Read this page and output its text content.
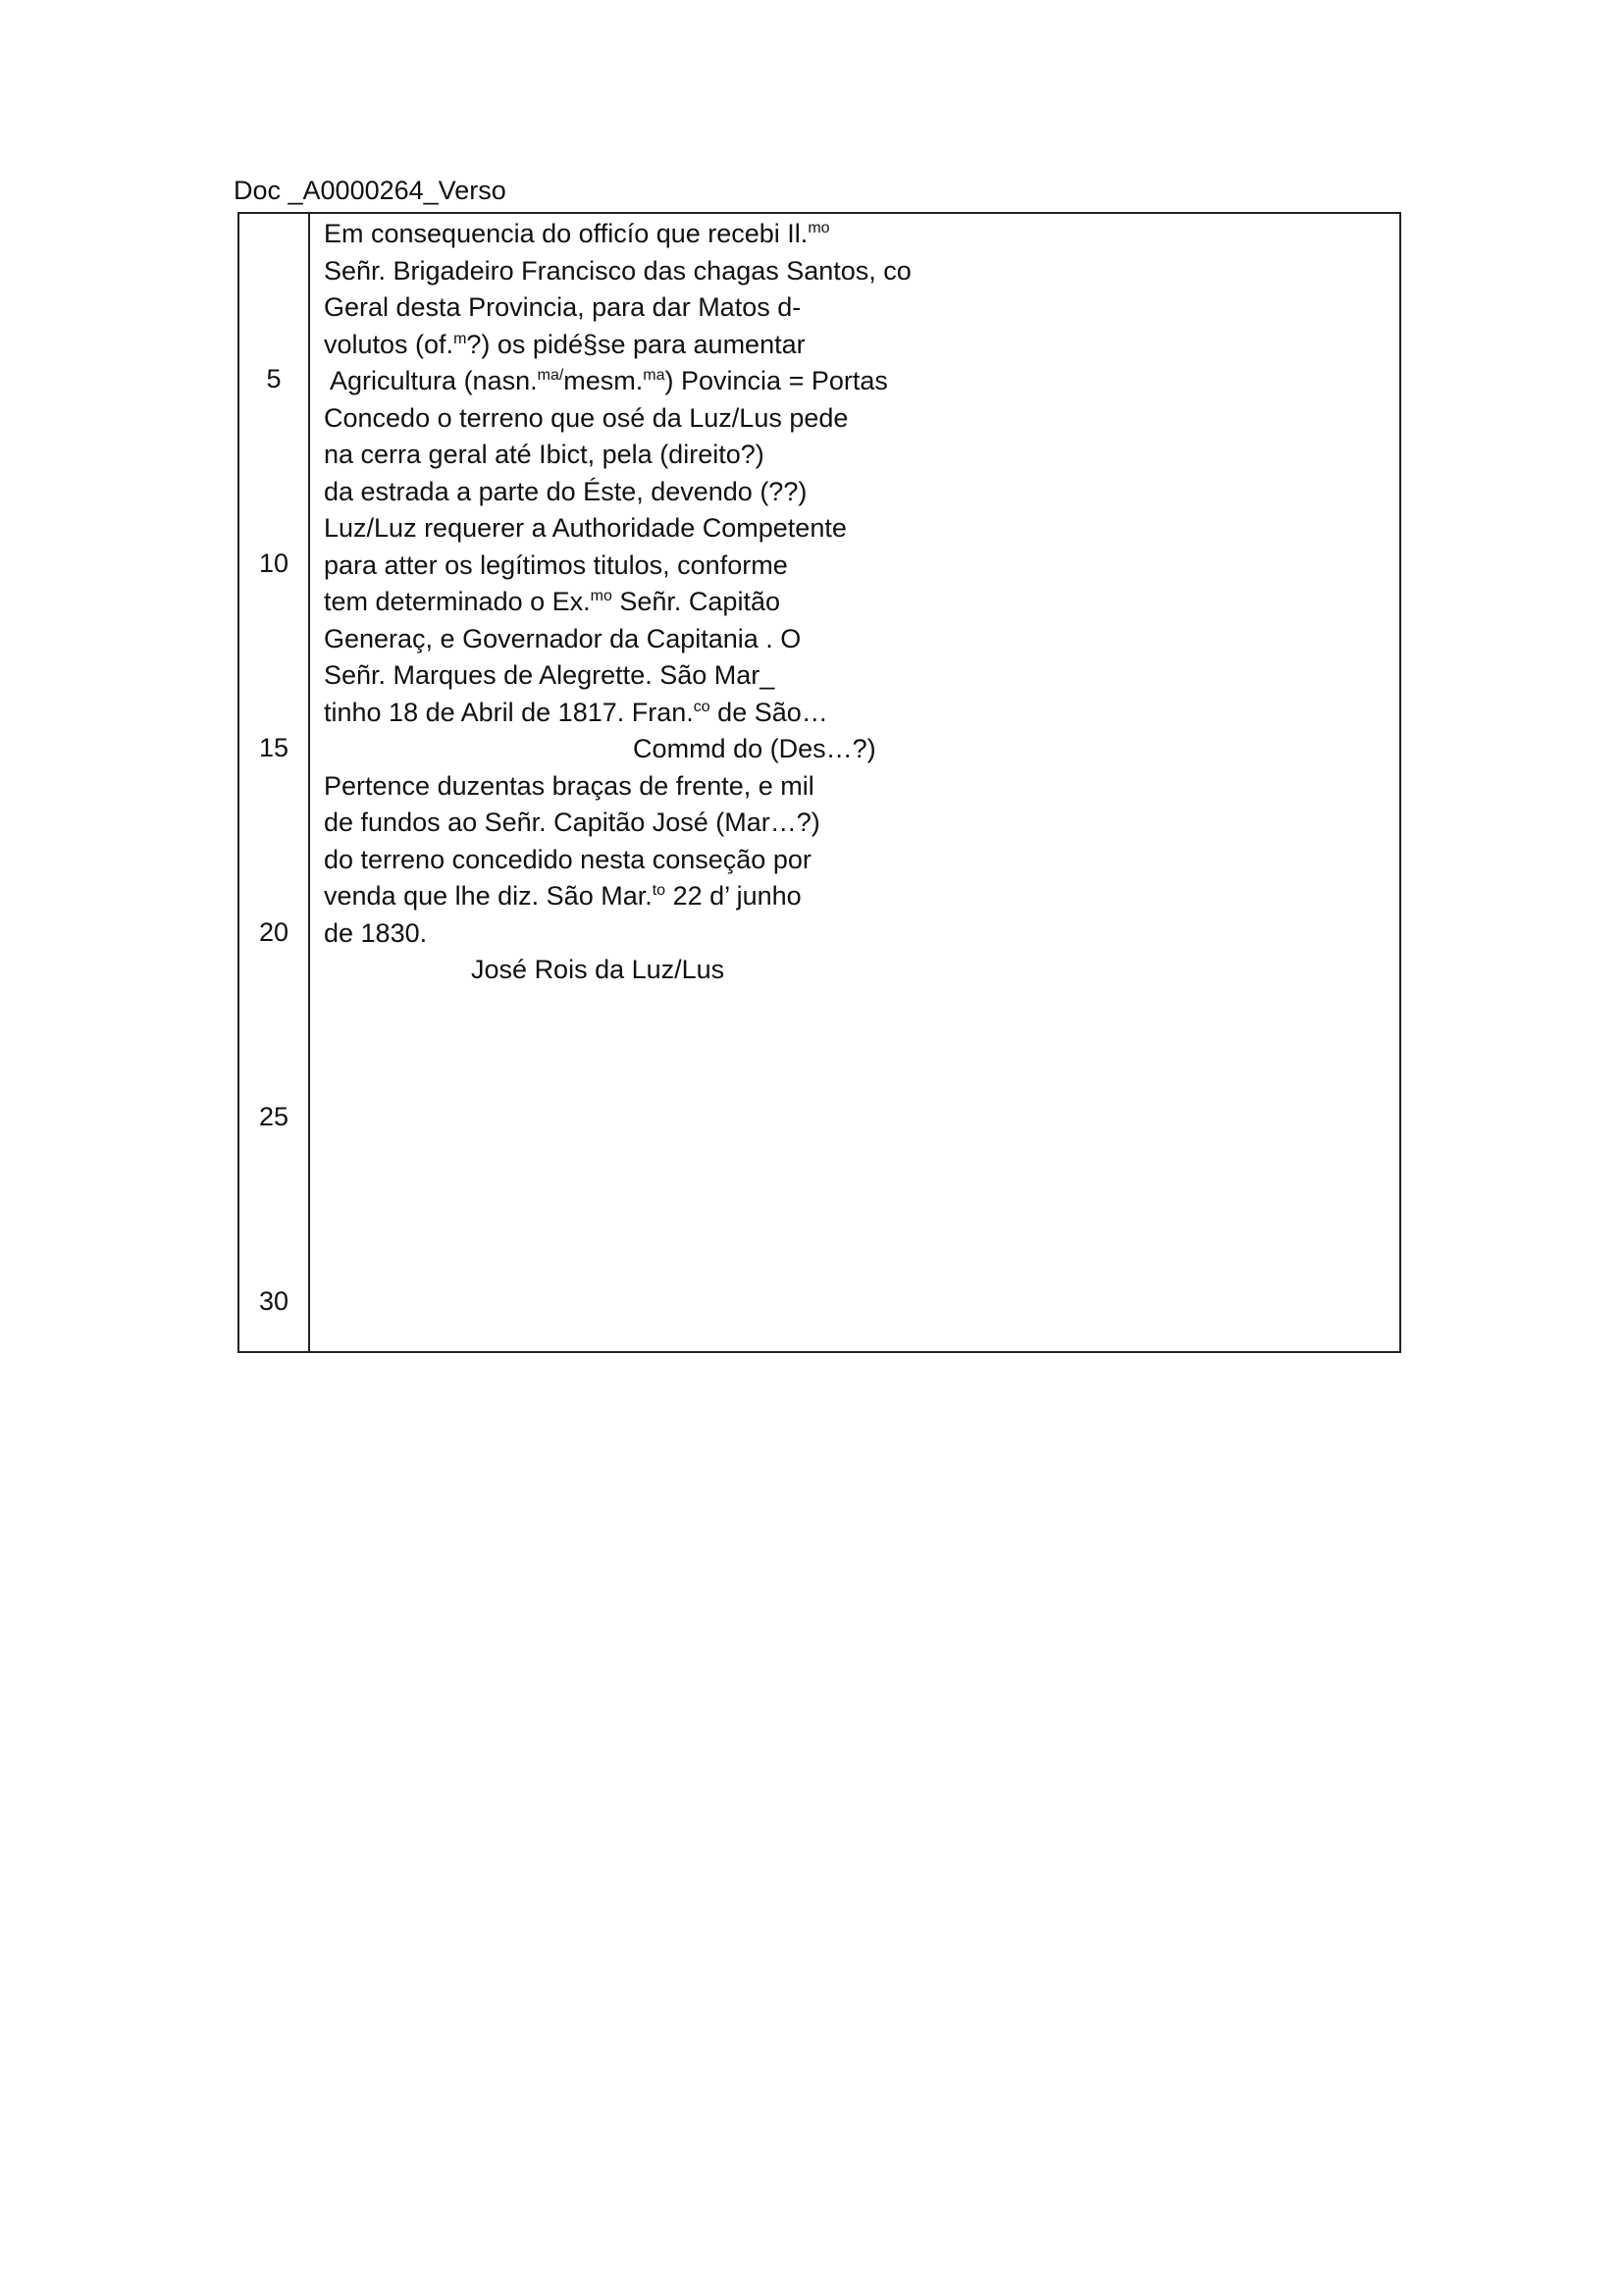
Doc _A0000264_Verso
5
10
15
20
25
30
Em consequencia do officío que recebi Il.$^{mo}$
Señr. Brigadeiro Francisco das chagas Santos, co
Geral desta Provincia, para dar Matos d-
volutos (of.$^m$?) os pidé§se para aumentar
Agricultura (nasn.$^{ma/}$mesm.$^{ma}$) Povincia = Portas
Concedo o terreno que osé da Luz/Lus pede
na cerra geral até Ibict, pela (direito?)
da estrada a parte do Éste, devendo (??)
Luz/Luz requerer a Authoridade Competente
para atter os legítimos titulos, conforme
tem determinado o Ex.$^{mo}$ Señr. Capitão
Generaç, e Governador da Capitania . O
Señr. Marques de Alegrette. São Mar_
tinho 18 de Abril de 1817. Fran.$^{co}$ de São…
Commd do (Des…?)
Pertence duzentas braças de frente, e mil
de fundos ao Señr. Capitão José (Mar…?)
do terreno concedido nesta conseção por
venda que lhe diz. São Mar.$^{to}$ 22 d’ junho
de 1830.
José Rois da Luz/Lus
